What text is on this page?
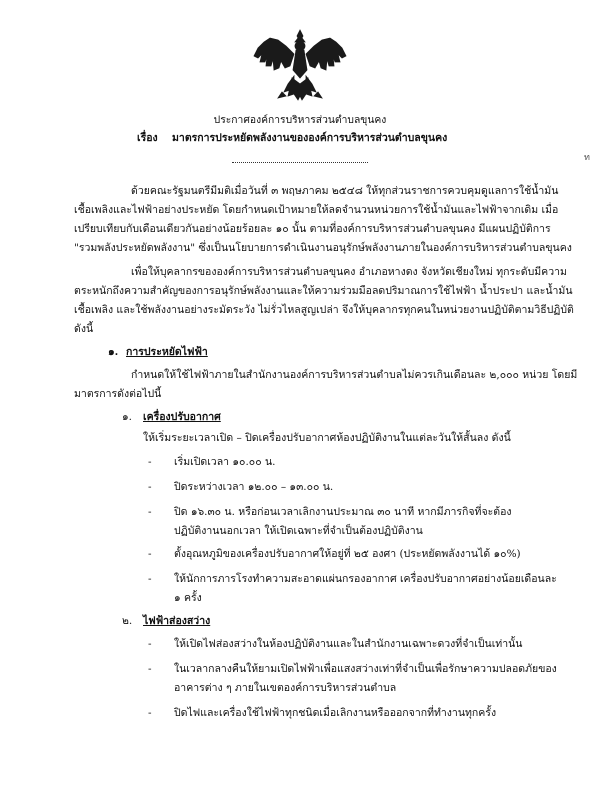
ประกาศองค์การบริหารส่วนตำบลขุนคง
เรื่อง มาตรการประหยัดพลังงานขององค์การบริหารส่วนตำบลขุนคง
ท
ด้วยคณะรัฐมนตรีมีมติเมื่อวันที่ ๓ พฤษภาคม ๒๕๔๘ ให้ทุกส่วนราชการควบคุมดูแลการใช้น้ำมัน
เชื้อเพลิงและไฟฟ้าอย่างประหยัด โดยกำหนดเป้าหมายให้ลดจำนวนหน่วยการใช้น้ำมันและไฟฟ้าจากเดิม เมื่อ
เปรียบเทียบกับเดือนเดียวกันอย่างน้อยร้อยละ ๑๐ นั้น ตามที่องค์การบริหารส่วนตำบลขุนคง มีแผนปฏิบัติการ
"รวมพลังประหยัดพลังงาน" ซึ่งเป็นนโยบายการดำเนินงานอนุรักษ์พลังงานภายในองค์การบริหารส่วนตำบลขุนคง
เพื่อให้บุคลากรขององค์การบริหารส่วนตำบลขุนคง อำเภอหางดง จังหวัดเชียงใหม่ ทุกระดับมีความ
ตระหนักถึงความสำคัญของการอนุรักษ์พลังงานและให้ความร่วมมือลดปริมาณการใช้ไฟฟ้า น้ำประปา และน้ำมัน
เชื้อเพลิง และใช้พลังงานอย่างระมัดระวัง ไม่รั่วไหลสูญเปล่า จึงให้บุคลากรทุกคนในหน่วยงานปฏิบัติตามวิธีปฏิบัติ
ดังนี้
๑. การประหยัดไฟฟ้า
กำหนดให้ใช้ไฟฟ้าภายในสำนักงานองค์การบริหารส่วนตำบลไม่ควรเกินเดือนละ ๒,๐๐๐ หน่วย โดยมี
มาตรการดังต่อไปนี้
๑. เครื่องปรับอากาศ
ให้เริ่มระยะเวลาเปิด – ปิดเครื่องปรับอากาศห้องปฏิบัติงานในแต่ละวันให้สั้นลง ดังนี้
- เริ่มเปิดเวลา ๑๐.๐๐ น.
- ปิดระหว่างเวลา ๑๒.๐๐ – ๑๓.๐๐ น.
- ปิด ๑๖.๓๐ น. หรือก่อนเวลาเลิกงานประมาณ ๓๐ นาที หากมีภารกิจที่จะต้อง
ปฏิบัติงานนอกเวลา ให้เปิดเฉพาะที่จำเป็นต้องปฏิบัติงาน
- ตั้งอุณหภูมิของเครื่องปรับอากาศให้อยู่ที่ ๒๕ องศา (ประหยัดพลังงานได้ ๑๐%)
- ให้นักการภารโรงทำความสะอาดแผ่นกรองอากาศ เครื่องปรับอากาศอย่างน้อยเดือนละ
๑ ครั้ง
๒. ไฟฟ้าส่องสว่าง
- ให้เปิดไฟส่องสว่างในห้องปฏิบัติงานและในสำนักงานเฉพาะดวงที่จำเป็นเท่านั้น
- ในเวลากลางคืนให้ยามเปิดไฟฟ้าเพื่อแสงสว่างเท่าที่จำเป็นเพื่อรักษาความปลอดภัยของ
อาคารต่าง ๆ ภายในเขตองค์การบริหารส่วนตำบล
- ปิดไฟและเครื่องใช้ไฟฟ้าทุกชนิดเมื่อเลิกงานหรือออกจากที่ทำงานทุกครั้ง
